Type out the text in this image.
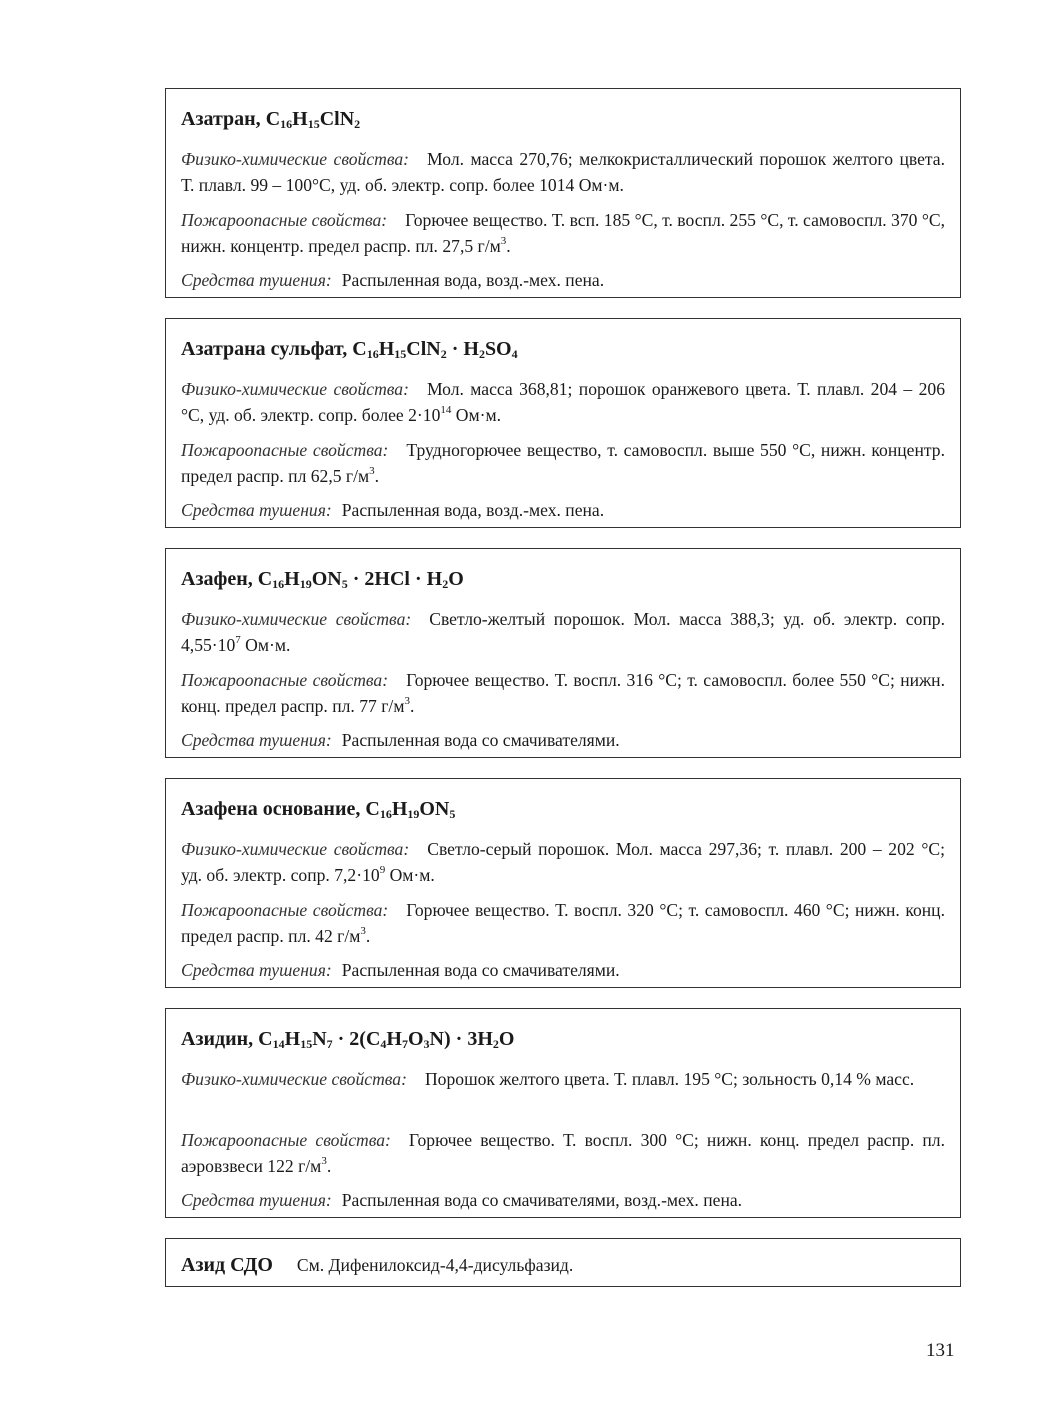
Азатран, $C_{16}H_{15}ClN_2$
Физико-химические свойства: Мол. масса 270,76; мелкокристаллический порошок желтого цвета. Т. плавл. 99 – 100°С, уд. об. электр. сопр. более 1014 Ом·м.
Пожароопасные свойства: Горючее вещество. Т. всп. 185 °С, т. воспл. 255 °С, т. самовоспл. 370 °С, нижн. концентр. предел распр. пл. 27,5 $г/м^3$.
Средства тушения: Распыленная вода, возд.-мех. пена.
Азатрана сульфат, $C_{16}H_{15}ClN_2 \cdot H_2SO_4$
Физико-химические свойства: Мол. масса 368,81; порошок оранжевого цвета. Т. плавл. 204 – 206 °С, уд. об. электр. сопр. более $2\cdot 10^{14}$ Ом·м.
Пожароопасные свойства: Трудногорючее вещество, т. самовоспл. выше 550 °С, нижн. концентр. предел распр. пл 62,5 $г/м^3$.
Средства тушения: Распыленная вода, возд.-мех. пена.
Азафен, $C_{16}H_{19}ON_5 \cdot 2HCl \cdot H_2O$
Физико-химические свойства: Светло-желтый порошок. Мол. масса 388,3; уд. об. электр. сопр. $4,55\cdot 10^7$ Ом·м.
Пожароопасные свойства: Горючее вещество. Т. воспл. 316 °С; т. самовоспл. более 550 °С; нижн. конц. предел распр. пл. 77 $г/м^3$.
Средства тушения: Распыленная вода со смачивателями.
Азафена основание, $C_{16}H_{19}ON_5$
Физико-химические свойства: Светло-серый порошок. Мол. масса 297,36; т. плавл. 200 – 202 °С; уд. об. электр. сопр. $7,2\cdot 10^9$ Ом·м.
Пожароопасные свойства: Горючее вещество. Т. воспл. 320 °С; т. самовоспл. 460 °С; нижн. конц. предел распр. пл. 42 $г/м^3$.
Средства тушения: Распыленная вода со смачивателями.
Азидин, $C_{14}H_{15}N_7 \cdot 2(C_4H_7O_3N) \cdot 3H_2O$
Физико-химические свойства: Порошок желтого цвета. Т. плавл. 195 °С; зольность 0,14 % масс.
Пожароопасные свойства: Горючее вещество. Т. воспл. 300 °С; нижн. конц. предел распр. пл. аэровзвеси 122 $г/м^3$.
Средства тушения: Распыленная вода со смачивателями, возд.-мех. пена.
Азид СДО См. Дифенилоксид-4,4-дисульфазид.
131
